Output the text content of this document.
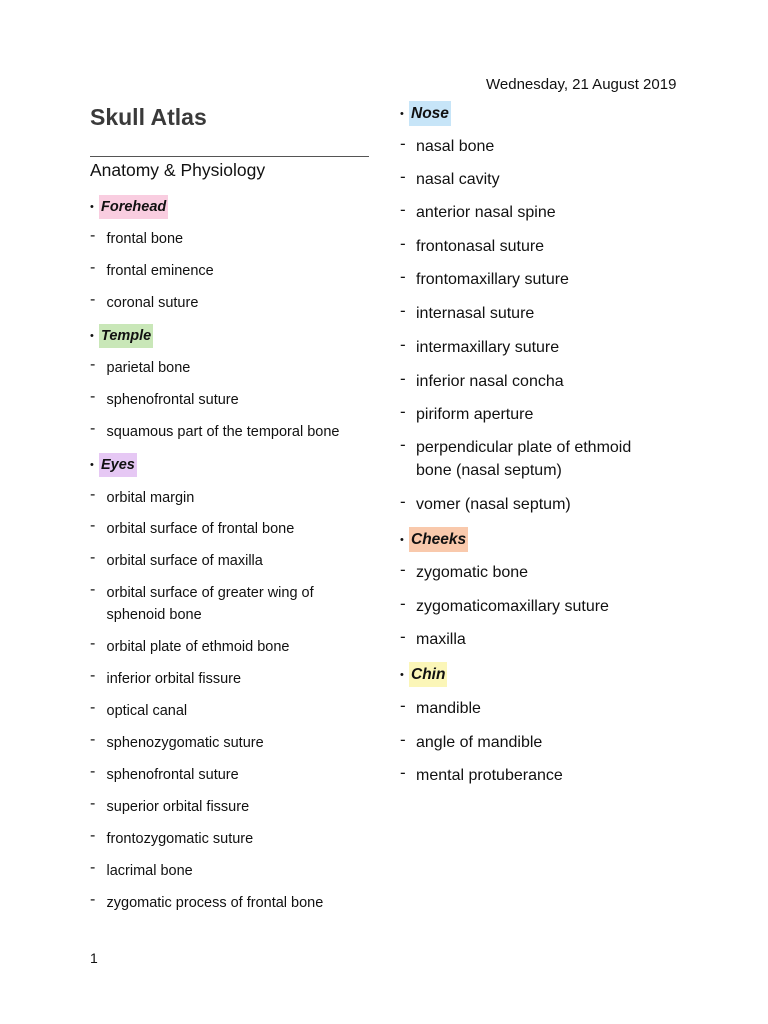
Wednesday, 21 August 2019
Skull Atlas
Anatomy & Physiology
• Forehead
- frontal bone
- frontal eminence
- coronal suture
• Temple
- parietal bone
- sphenofrontal suture
- squamous part of the temporal bone
• Eyes
- orbital margin
- orbital surface of frontal bone
- orbital surface of maxilla
- orbital surface of greater wing of sphenoid bone
- orbital plate of ethmoid bone
- inferior orbital fissure
- optical canal
- sphenozygomatic suture
- sphenofrontal suture
- superior orbital fissure
- frontozygomatic suture
- lacrimal bone
- zygomatic process of frontal bone
• Nose
- nasal bone
- nasal cavity
- anterior nasal spine
- frontonasal suture
- frontomaxillary suture
- internasal suture
- intermaxillary suture
- inferior nasal concha
- piriform aperture
- perpendicular plate of ethmoid bone (nasal septum)
- vomer (nasal septum)
• Cheeks
- zygomatic bone
- zygomaticomaxillary suture
- maxilla
• Chin
- mandible
- angle of mandible
- mental protuberance
1
